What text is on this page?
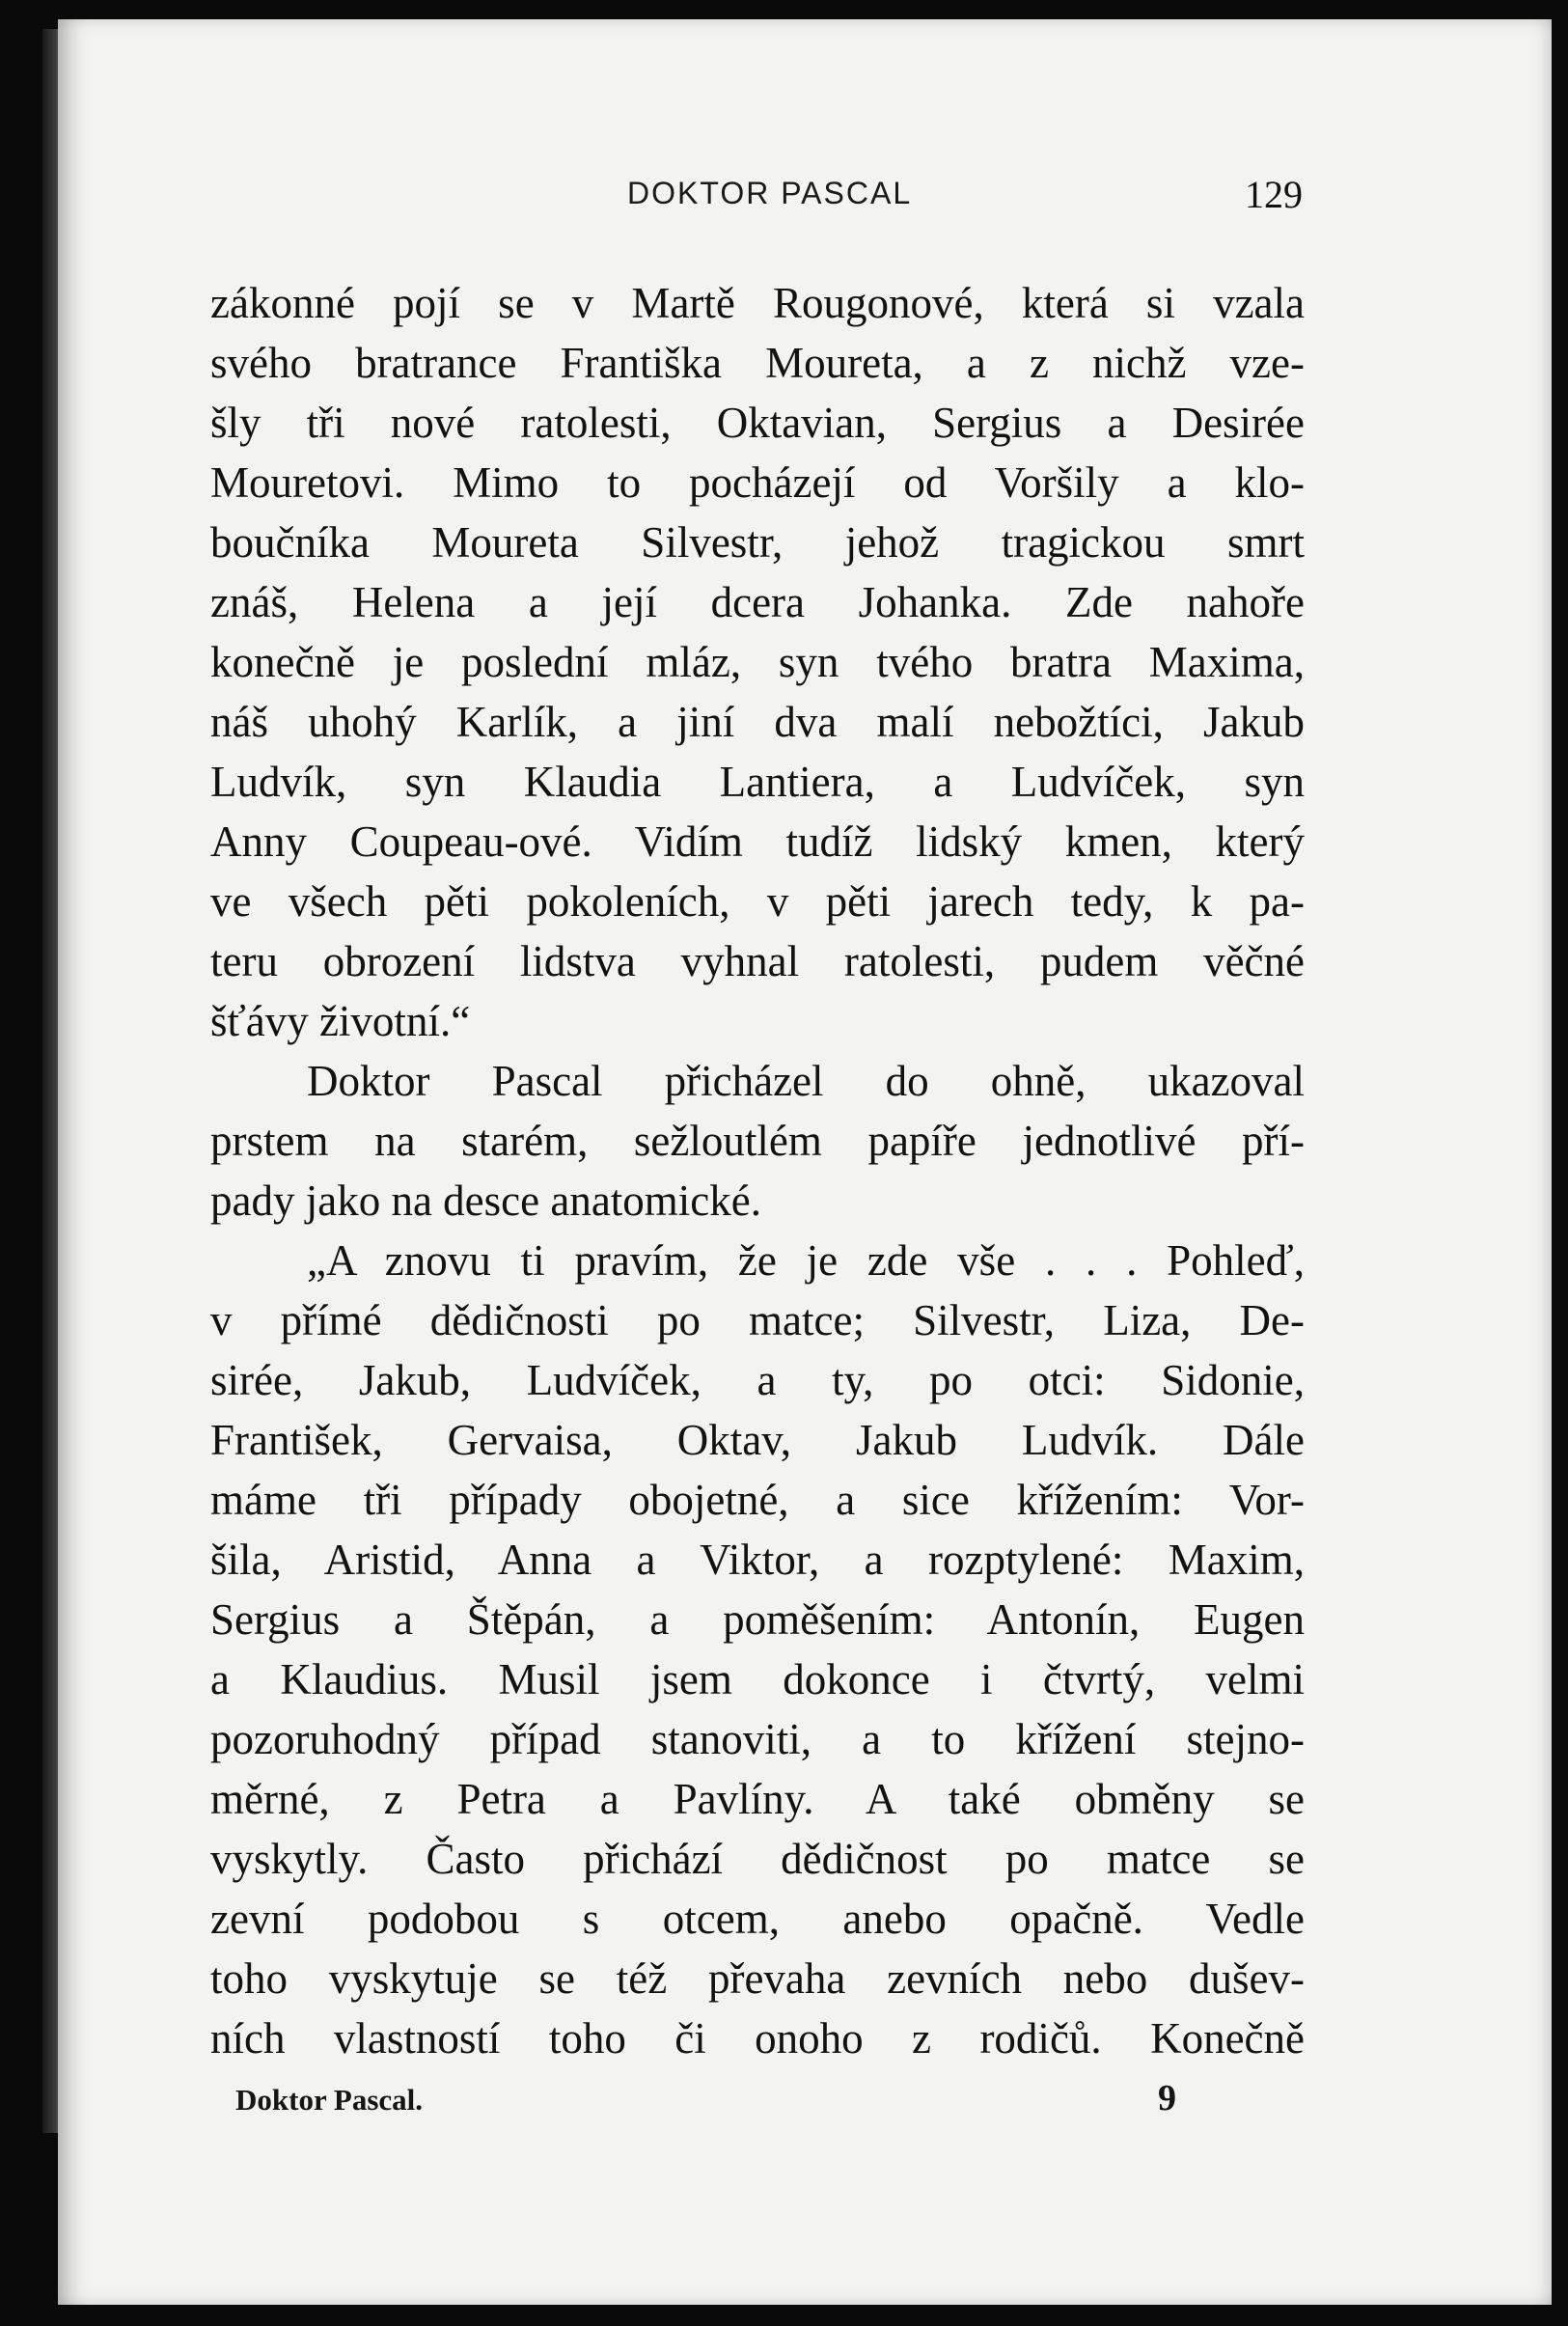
DOKTOR PASCAL	129
zákonné pojí se v Martě Rougonové, která si vzala
svého bratrance Františka Moureta, a z nichž vze-
šly tři nové ratolesti, Oktavian, Sergius a Desirée
Mouretovi. Mimo to pocházejí od Voršily a klo-
boučníka Moureta Silvestr, jehož tragickou smrt
znáš, Helena a její dcera Johanka. Zde nahoře
konečně je poslední mláz, syn tvého bratra Maxima,
náš uhohý Karlík, a jiní dva malí nebožtíci, Jakub
Ludvík, syn Klaudia Lantiera, a Ludvíček, syn
Anny Coupeau-ové. Vidím tudíž lidský kmen, který
ve všech pěti pokoleních, v pěti jarech tedy, k pa-
teru obrození lidstva vyhnal ratolesti, pudem věčné
šťávy životní.“
Doktor Pascal přicházel do ohně, ukazoval
prstem na starém, sežloutlém papíře jednotlivé pří-
pady jako na desce anatomické.
„A znovu ti pravím, že je zde vše . . . Pohleď,
v přímé dědičnosti po matce; Silvestr, Liza, De-
sirée, Jakub, Ludvíček, a ty, po otci: Sidonie,
František, Gervaisa, Oktav, Jakub Ludvík. Dále
máme tři případy obojetné, a sice křížením: Vor-
šila, Aristid, Anna a Viktor, a rozptylené: Maxim,
Sergius a Štěpán, a poměšením: Antonín, Eugen
a Klaudius. Musil jsem dokonce i čtvrtý, velmi
pozoruhodný případ stanoviti, a to křížení stejno-
měrné, z Petra a Pavlíny. A také obměny se
vyskytly. Často přichází dědičnost po matce se
zevní podobou s otcem, anebo opačně. Vedle
toho vyskytuje se též převaha zevních nebo dušev-
ních vlastností toho či onoho z rodičů. Konečně
Doktor Pascal.	9
